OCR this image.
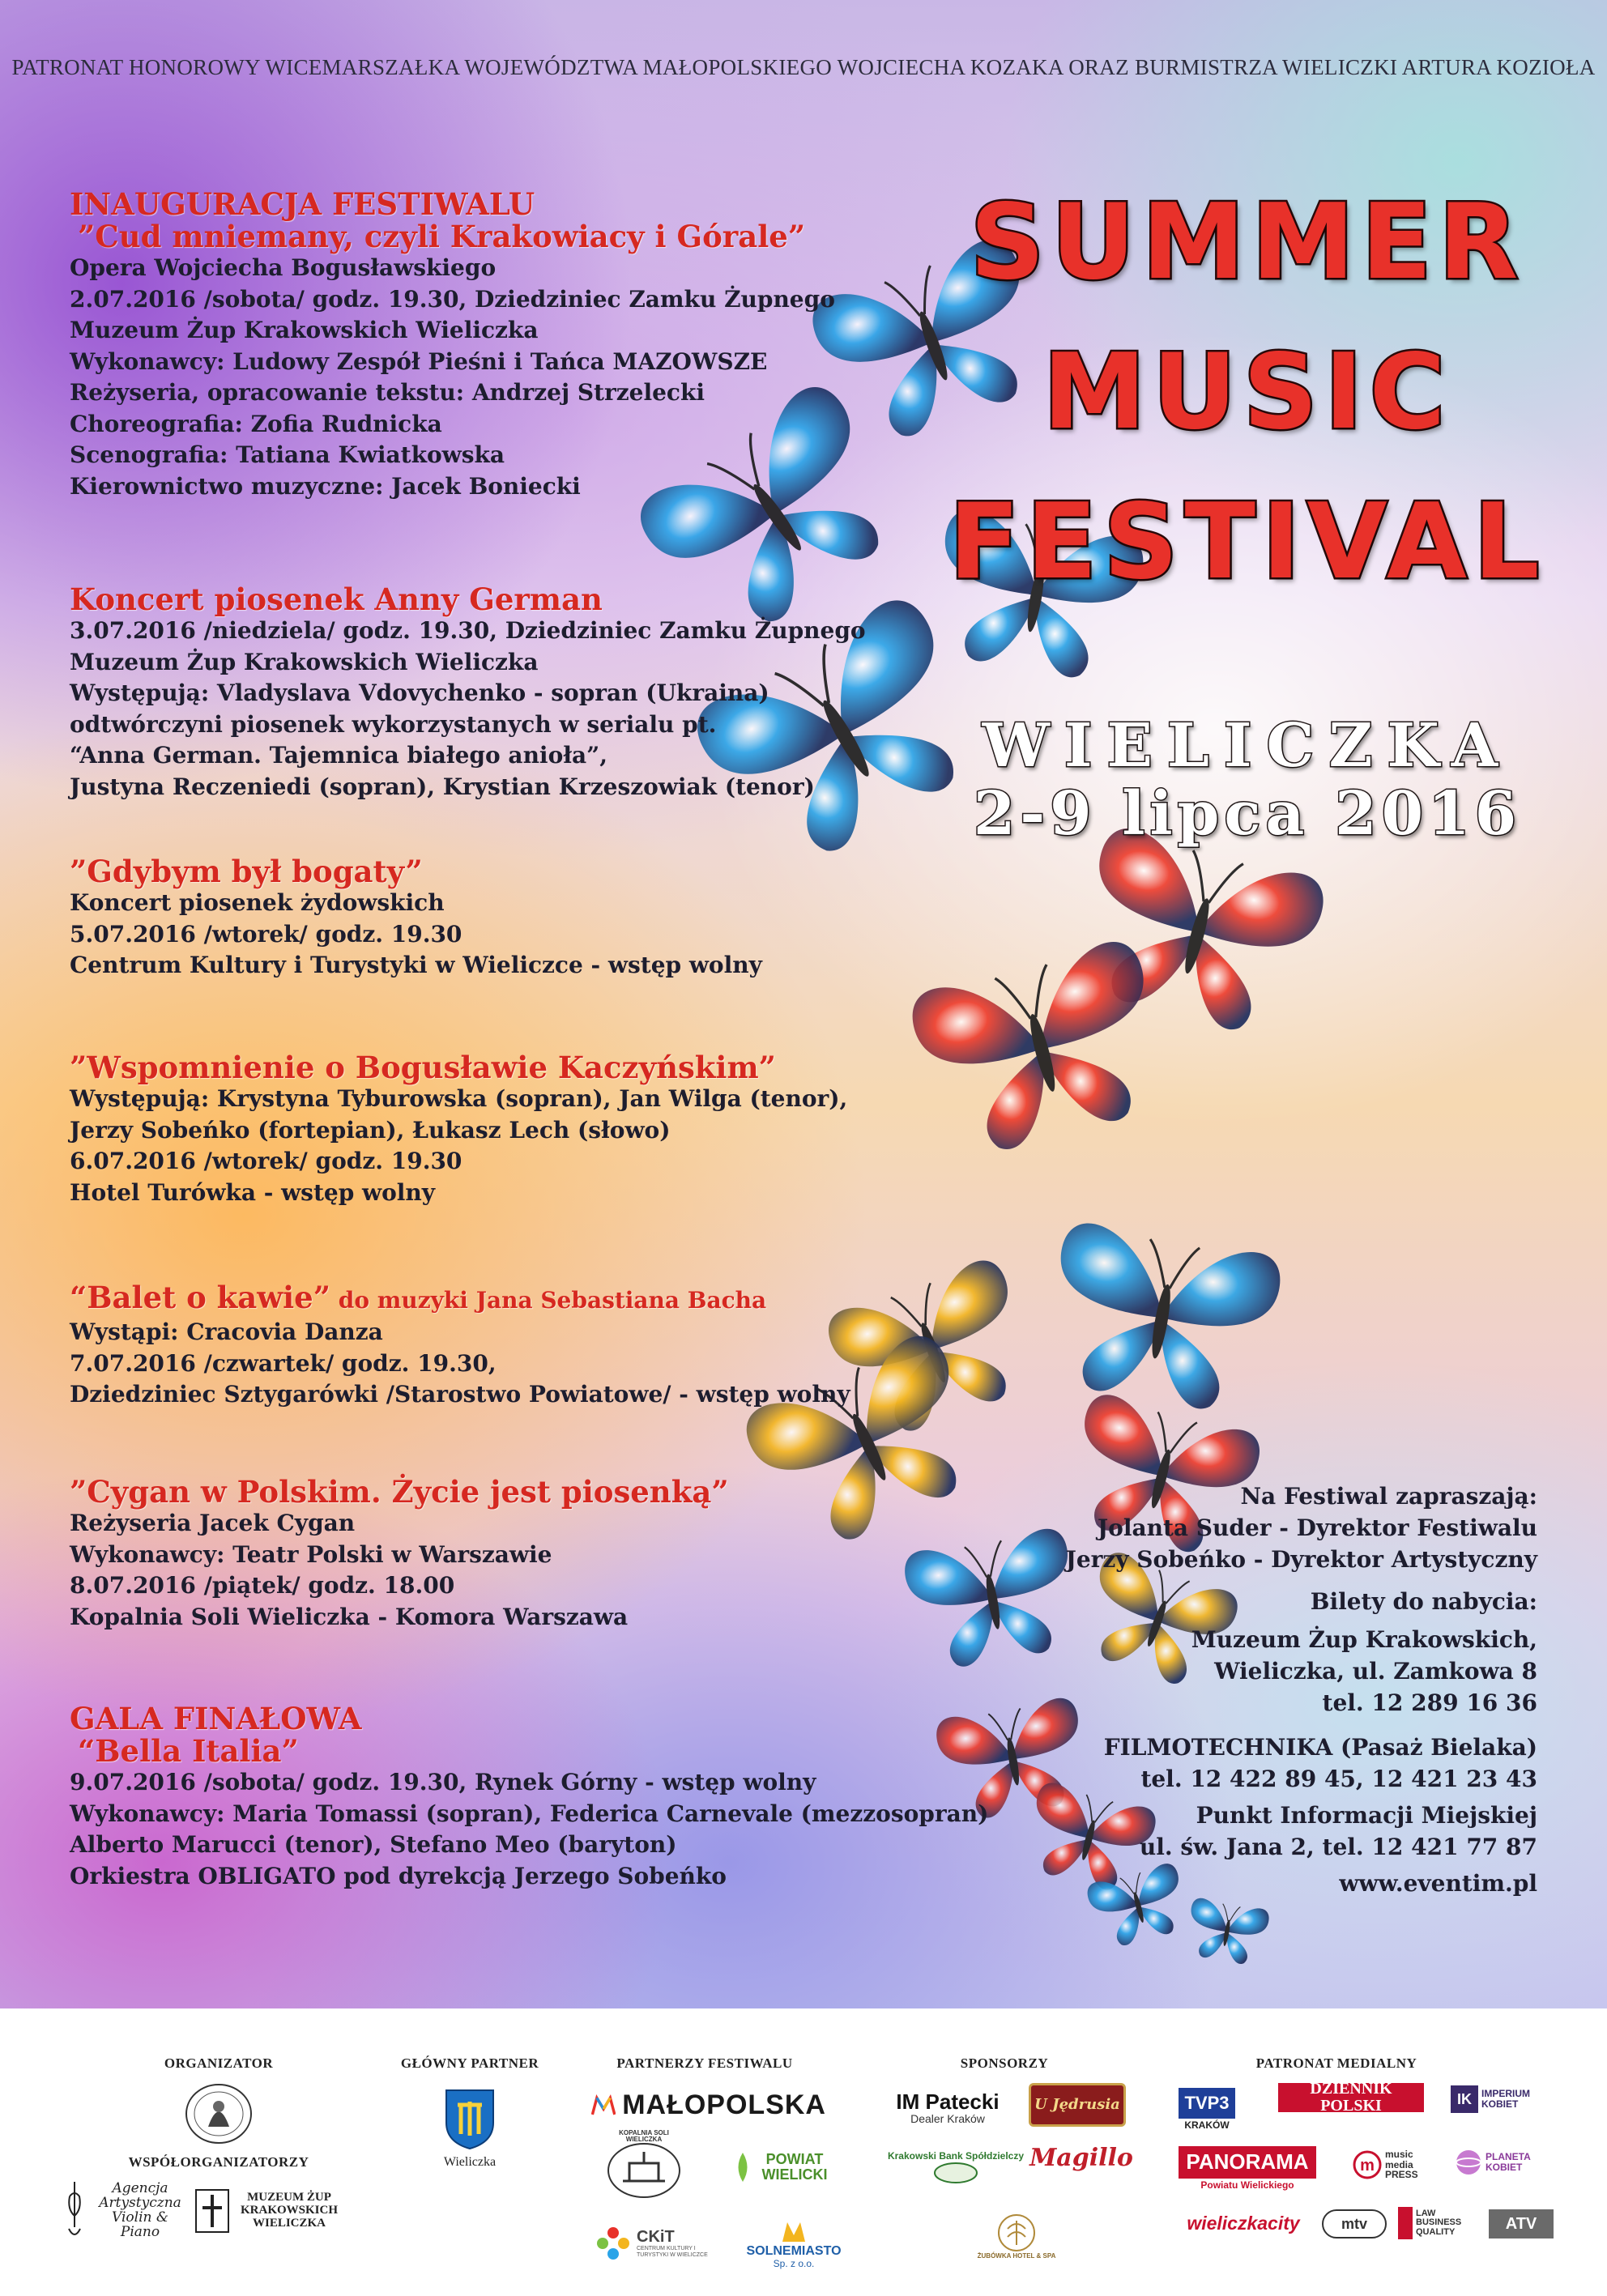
PATRONAT HONOROWY WICEMARSZAŁKA WOJEWÓDZTWA MAŁOPOLSKIEGO WOJCIECHA KOZAKA ORAZ BURMISTRZA WIELICZKI ARTURA KOZIOŁA
SUMMER
MUSIC
FESTIVAL
WIELICZKA
2-9 lipca 2016
INAUGURACJA FESTIWALU
”Cud mniemany, czyli Krakowiacy i Górale”
Opera Wojciecha Bogusławskiego
2.07.2016 /sobota/ godz. 19.30, Dziedziniec Zamku Żupnego
Muzeum Żup Krakowskich Wieliczka
Wykonawcy: Ludowy Zespół Pieśni i Tańca MAZOWSZE
Reżyseria, opracowanie tekstu: Andrzej Strzelecki
Choreografia: Zofia Rudnicka
Scenografia: Tatiana Kwiatkowska
Kierownictwo muzyczne: Jacek Boniecki
Koncert piosenek Anny German
3.07.2016 /niedziela/ godz. 19.30, Dziedziniec Zamku Żupnego
Muzeum Żup Krakowskich Wieliczka
Występują: Vladyslava Vdovychenko - sopran (Ukraina)
odtwórczyni piosenek wykorzystanych w serialu pt.
“Anna German. Tajemnica białego anioła”,
Justyna Reczeniedi (sopran), Krystian Krzeszowiak (tenor)
”Gdybym był bogaty”
Koncert piosenek żydowskich
5.07.2016 /wtorek/ godz. 19.30
Centrum Kultury i Turystyki w Wieliczce - wstęp wolny
”Wspomnienie o Bogusławie Kaczyńskim”
Występują: Krystyna Tyburowska (sopran), Jan Wilga (tenor),
Jerzy Sobeńko (fortepian), Łukasz Lech (słowo)
6.07.2016 /wtorek/ godz. 19.30
Hotel Turówka - wstęp wolny
“Balet o kawie” do muzyki Jana Sebastiana Bacha
Wystąpi: Cracovia Danza
7.07.2016 /czwartek/ godz. 19.30,
Dziedziniec Sztygarówki /Starostwo Powiatowe/ - wstęp wolny
”Cygan w Polskim. Życie jest piosenką”
Reżyseria Jacek Cygan
Wykonawcy: Teatr Polski w Warszawie
8.07.2016 /piątek/ godz. 18.00
Kopalnia Soli Wieliczka - Komora Warszawa
GALA FINAŁOWA
“Bella Italia”
9.07.2016 /sobota/ godz. 19.30, Rynek Górny - wstęp wolny
Wykonawcy: Maria Tomassi (sopran), Federica Carnevale (mezzosopran)
Alberto Marucci (tenor), Stefano Meo (baryton)
Orkiestra OBLIGATO pod dyrekcją Jerzego Sobeńko
Na Festiwal zapraszają:
Jolanta Suder - Dyrektor Festiwalu
Jerzy Sobeńko - Dyrektor Artystyczny
Bilety do nabycia:
Muzeum Żup Krakowskich,
Wieliczka, ul. Zamkowa 8
tel. 12 289 16 36
FILMOTECHNIKA (Pasaż Bielaka)
tel. 12 422 89 45, 12 421 23 43
Punkt Informacji Miejskiej
ul. św. Jana 2, tel. 12 421 77 87
www.eventim.pl
ORGANIZATOR
WSPÓŁORGANIZATORZY
GŁÓWNY PARTNER	PARTNERZY FESTIWALU	SPONSORZY	PATRONAT MEDIALNY
Agencja Artystyczna Violin & Piano
MUZEUM ŻUP KRAKOWSKICH WIELICZKA
Wieliczka
MAŁOPOLSKA
KOPALNIA SOLI WIELICZKA
POWIAT WIELICKI
CKiT
CENTRUM KULTURY I TURYSTYKI W WIELICZCE	SOLNEMIASTO
Sp. z o.o.
IM Patecki
Dealer Kraków
U Jędrusia
Krakowski Bank Spółdzielczy Magillo
ŻUBÓWKA HOTEL & SPA
TVP3
KRAKÓW
DZIENNIK POLSKI	IK	IMPERIUM KOBIET
PANORAMA
Powiatu Wielickiego
m
music media PRESS
PLANETA KOBIET
wieliczkacity	mtv
LAW BUSINESS QUALITY	ATV
